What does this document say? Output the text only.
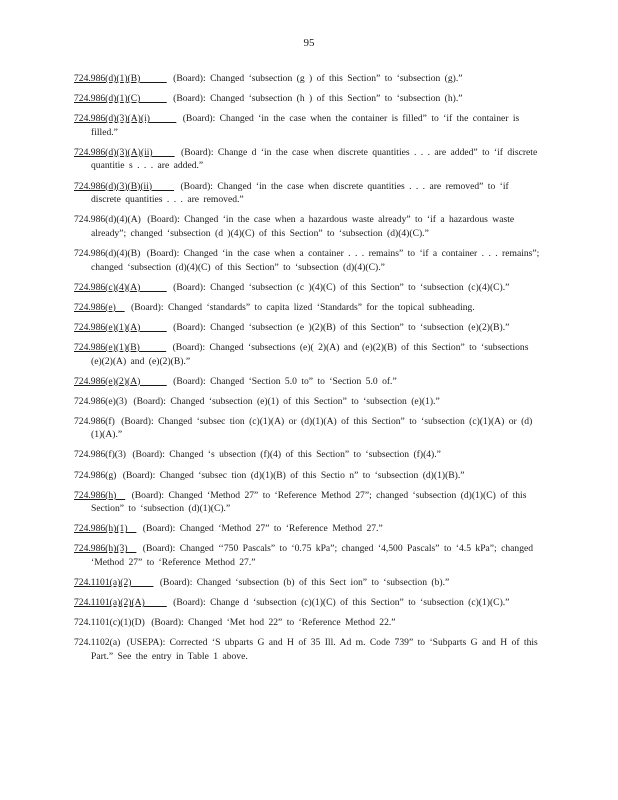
95
724.986(d)(1)(B)       (Board): Changed ‘subsection (g ) of this Section” to ‘subsection (g).”
724.986(d)(1)(C)       (Board): Changed ‘subsection (h ) of this Section” to ‘subsection (h).”
724.986(d)(3)(A)(i)       (Board): Changed ‘in the case when the container is filled” to ‘if the container is filled.”
724.986(d)(3)(A)(ii)      (Board): Change d ‘in the case when discrete quantities . . . are added” to ‘if discrete quantitie s . . . are added.”
724.986(d)(3)(B)(ii)      (Board): Changed ‘in the case when discrete quantities . . . are removed” to ‘if discrete quantities . . . are removed.”
724.986(d)(4)(A) (Board): Changed ‘in the case when a hazardous waste already” to ‘if a hazardous waste already”; changed ‘subsection (d )(4)(C) of this Section” to ‘subsection (d)(4)(C).”
724.986(d)(4)(B) (Board): Changed ‘in the case when a container . . . remains” to ‘if a container . . . remains”; changed ‘subsection (d)(4)(C) of this Section” to ‘subsection (d)(4)(C).”
724.986(c)(4)(A)       (Board): Changed ‘subsection (c )(4)(C) of this Section” to ‘subsection (c)(4)(C).”
724.986(e)   (Board): Changed ‘standards” to capita lized ‘Standards” for the topical subheading.
724.986(e)(1)(A)       (Board): Changed ‘subsection (e )(2)(B) of this Section” to ‘subsection (e)(2)(B).”
724.986(e)(1)(B)       (Board): Changed ‘subsections (e)( 2)(A) and (e)(2)(B) of this Section” to ‘subsections (e)(2)(A) and (e)(2)(B).”
724.986(e)(2)(A)       (Board): Changed ‘Section 5.0 to” to ‘Section 5.0 of.”
724.986(e)(3) (Board): Changed ‘subsection (e)(1) of this Section” to ‘subsection (e)(1).”
724.986(f) (Board): Changed ‘subsec tion (c)(1)(A) or (d)(1)(A) of this Section” to ‘subsection (c)(1)(A) or (d)(1)(A).”
724.986(f)(3) (Board): Changed ‘s ubsection (f)(4) of this Section” to ‘subsection (f)(4).”
724.986(g) (Board): Changed ‘subsec tion (d)(1)(B) of this Sectio n” to ‘subsection (d)(1)(B).”
724.986(h)   (Board): Changed ‘Method 27” to ‘Reference Method 27”; changed ‘subsection (d)(1)(C) of this Section” to ‘subsection (d)(1)(C).”
724.986(h)(1)   (Board): Changed ‘Method 27” to ‘Reference Method 27.”
724.986(h)(3)   (Board): Changed ‘‘750 Pascals” to ‘0.75 kPa”; changed ‘4,500 Pascals” to ‘4.5 kPa”; changed ‘Method 27” to ‘Reference Method 27.”
724.1101(a)(2)      (Board): Changed ‘subsection (b) of this Sect ion” to ‘subsection (b).”
724.1101(a)(2)(A)      (Board): Change d ‘subsection (c)(1)(C) of this Section” to ‘subsection (c)(1)(C).”
724.1101(c)(1)(D) (Board): Changed ‘Met hod 22” to ‘Reference Method 22.”
724.1102(a) (USEPA): Corrected ‘S ubparts G and H of 35 Ill. Ad m. Code 739” to ‘Subparts G and H of this Part.” See the entry in Table 1 above.
